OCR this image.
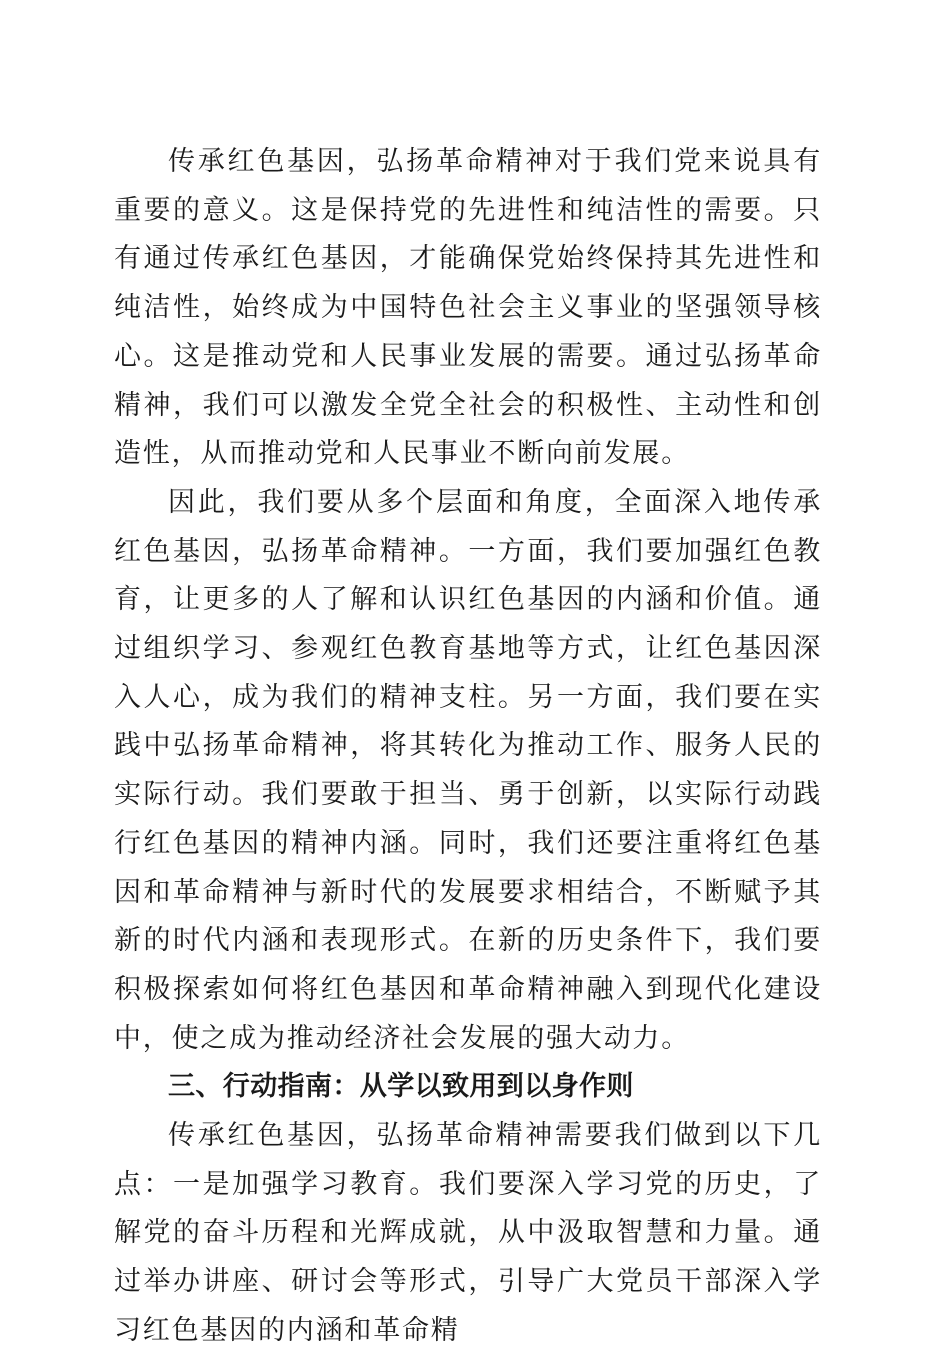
传承红色基因，弘扬革命精神对于我们党来说具有重要的意义。这是保持党的先进性和纯洁性的需要。只有通过传承红色基因，才能确保党始终保持其先进性和纯洁性，始终成为中国特色社会主义事业的坚强领导核心。这是推动党和人民事业发展的需要。通过弘扬革命精神，我们可以激发全党全社会的积极性、主动性和创造性，从而推动党和人民事业不断向前发展。

因此，我们要从多个层面和角度，全面深入地传承红色基因，弘扬革命精神。一方面，我们要加强红色教育，让更多的人了解和认识红色基因的内涵和价值。通过组织学习、参观红色教育基地等方式，让红色基因深入人心，成为我们的精神支柱。另一方面，我们要在实践中弘扬革命精神，将其转化为推动工作、服务人民的实际行动。我们要敢于担当、勇于创新，以实际行动践行红色基因的精神内涵。同时，我们还要注重将红色基因和革命精神与新时代的发展要求相结合，不断赋予其新的时代内涵和表现形式。在新的历史条件下，我们要积极探索如何将红色基因和革命精神融入到现代化建设中，使之成为推动经济社会发展的强大动力。

三、行动指南：从学以致用到以身作则

传承红色基因，弘扬革命精神需要我们做到以下几点：一是加强学习教育。我们要深入学习党的历史，了解党的奋斗历程和光辉成就，从中汲取智慧和力量。通过举办讲座、研讨会等形式，引导广大党员干部深入学习红色基因的内涵和革命精
